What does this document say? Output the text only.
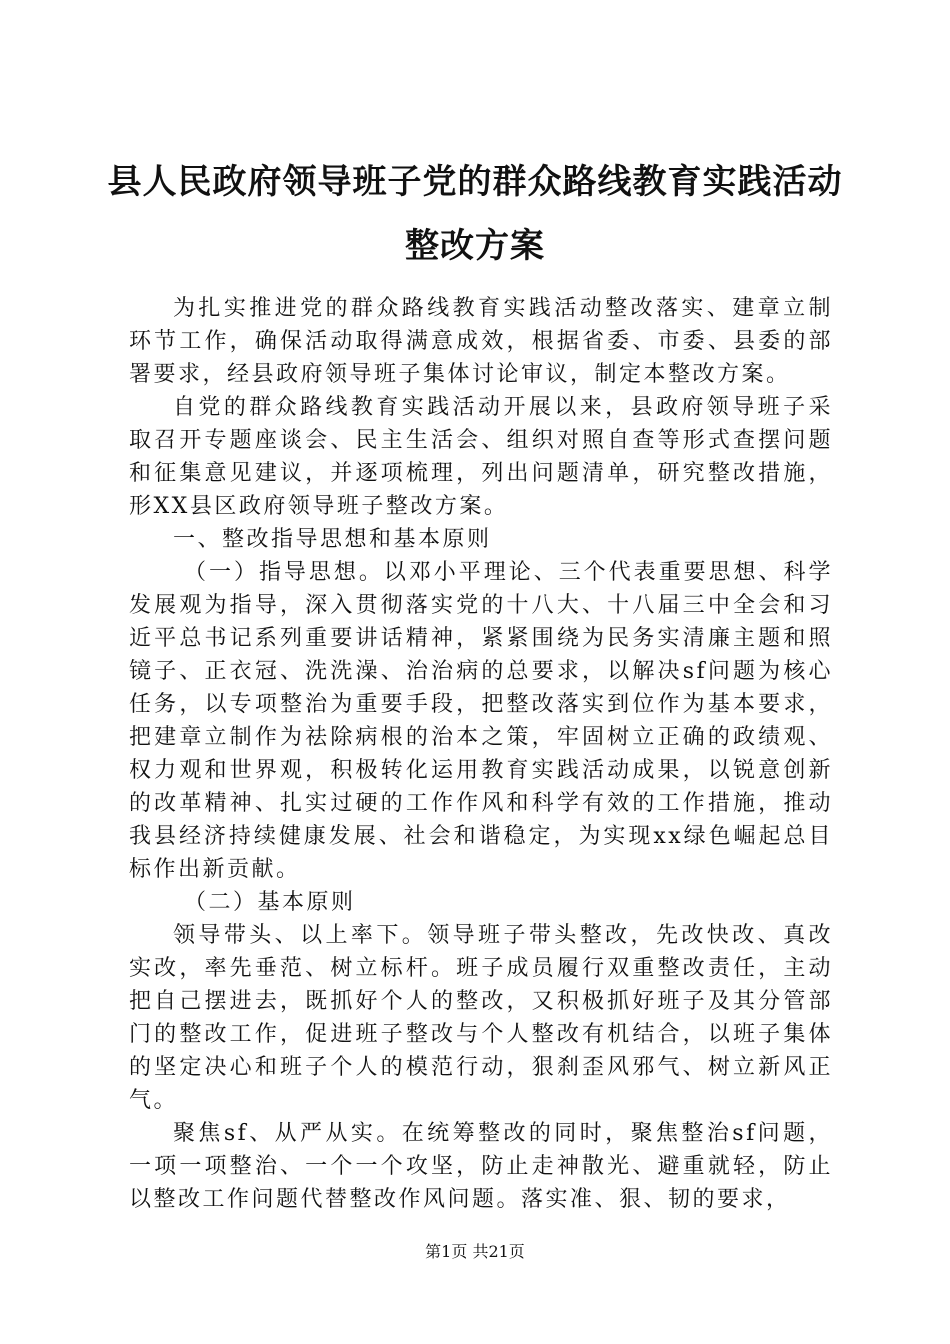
县人民政府领导班子党的群众路线教育实践活动整改方案

为扎实推进党的群众路线教育实践活动整改落实、建章立制环节工作，确保活动取得满意成效，根据省委、市委、县委的部署要求，经县政府领导班子集体讨论审议，制定本整改方案。

自党的群众路线教育实践活动开展以来，县政府领导班子采取召开专题座谈会、民主生活会、组织对照自查等形式查摆问题和征集意见建议，并逐项梳理，列出问题清单，研究整改措施，形XX县区政府领导班子整改方案。

一、整改指导思想和基本原则

（一）指导思想。以邓小平理论、三个代表重要思想、科学发展观为指导，深入贯彻落实党的十八大、十八届三中全会和习近平总书记系列重要讲话精神，紧紧围绕为民务实清廉主题和照镜子、正衣冠、洗洗澡、治治病的总要求，以解决sf问题为核心任务，以专项整治为重要手段，把整改落实到位作为基本要求，把建章立制作为祛除病根的治本之策，牢固树立正确的政绩观、权力观和世界观，积极转化运用教育实践活动成果，以锐意创新的改革精神、扎实过硬的工作作风和科学有效的工作措施，推动我县经济持续健康发展、社会和谐稳定，为实现xx绿色崛起总目标作出新贡献。

（二）基本原则

领导带头、以上率下。领导班子带头整改，先改快改、真改实改，率先垂范、树立标杆。班子成员履行双重整改责任，主动把自己摆进去，既抓好个人的整改，又积极抓好班子及其分管部门的整改工作，促进班子整改与个人整改有机结合，以班子集体的坚定决心和班子个人的模范行动，狠刹歪风邪气、树立新风正气。

聚焦sf、从严从实。在统筹整改的同时，聚焦整治sf问题，一项一项整治、一个一个攻坚，防止走神散光、避重就轻，防止以整改工作问题代替整改作风问题。落实准、狠、韧的要求，

第1页 共21页
